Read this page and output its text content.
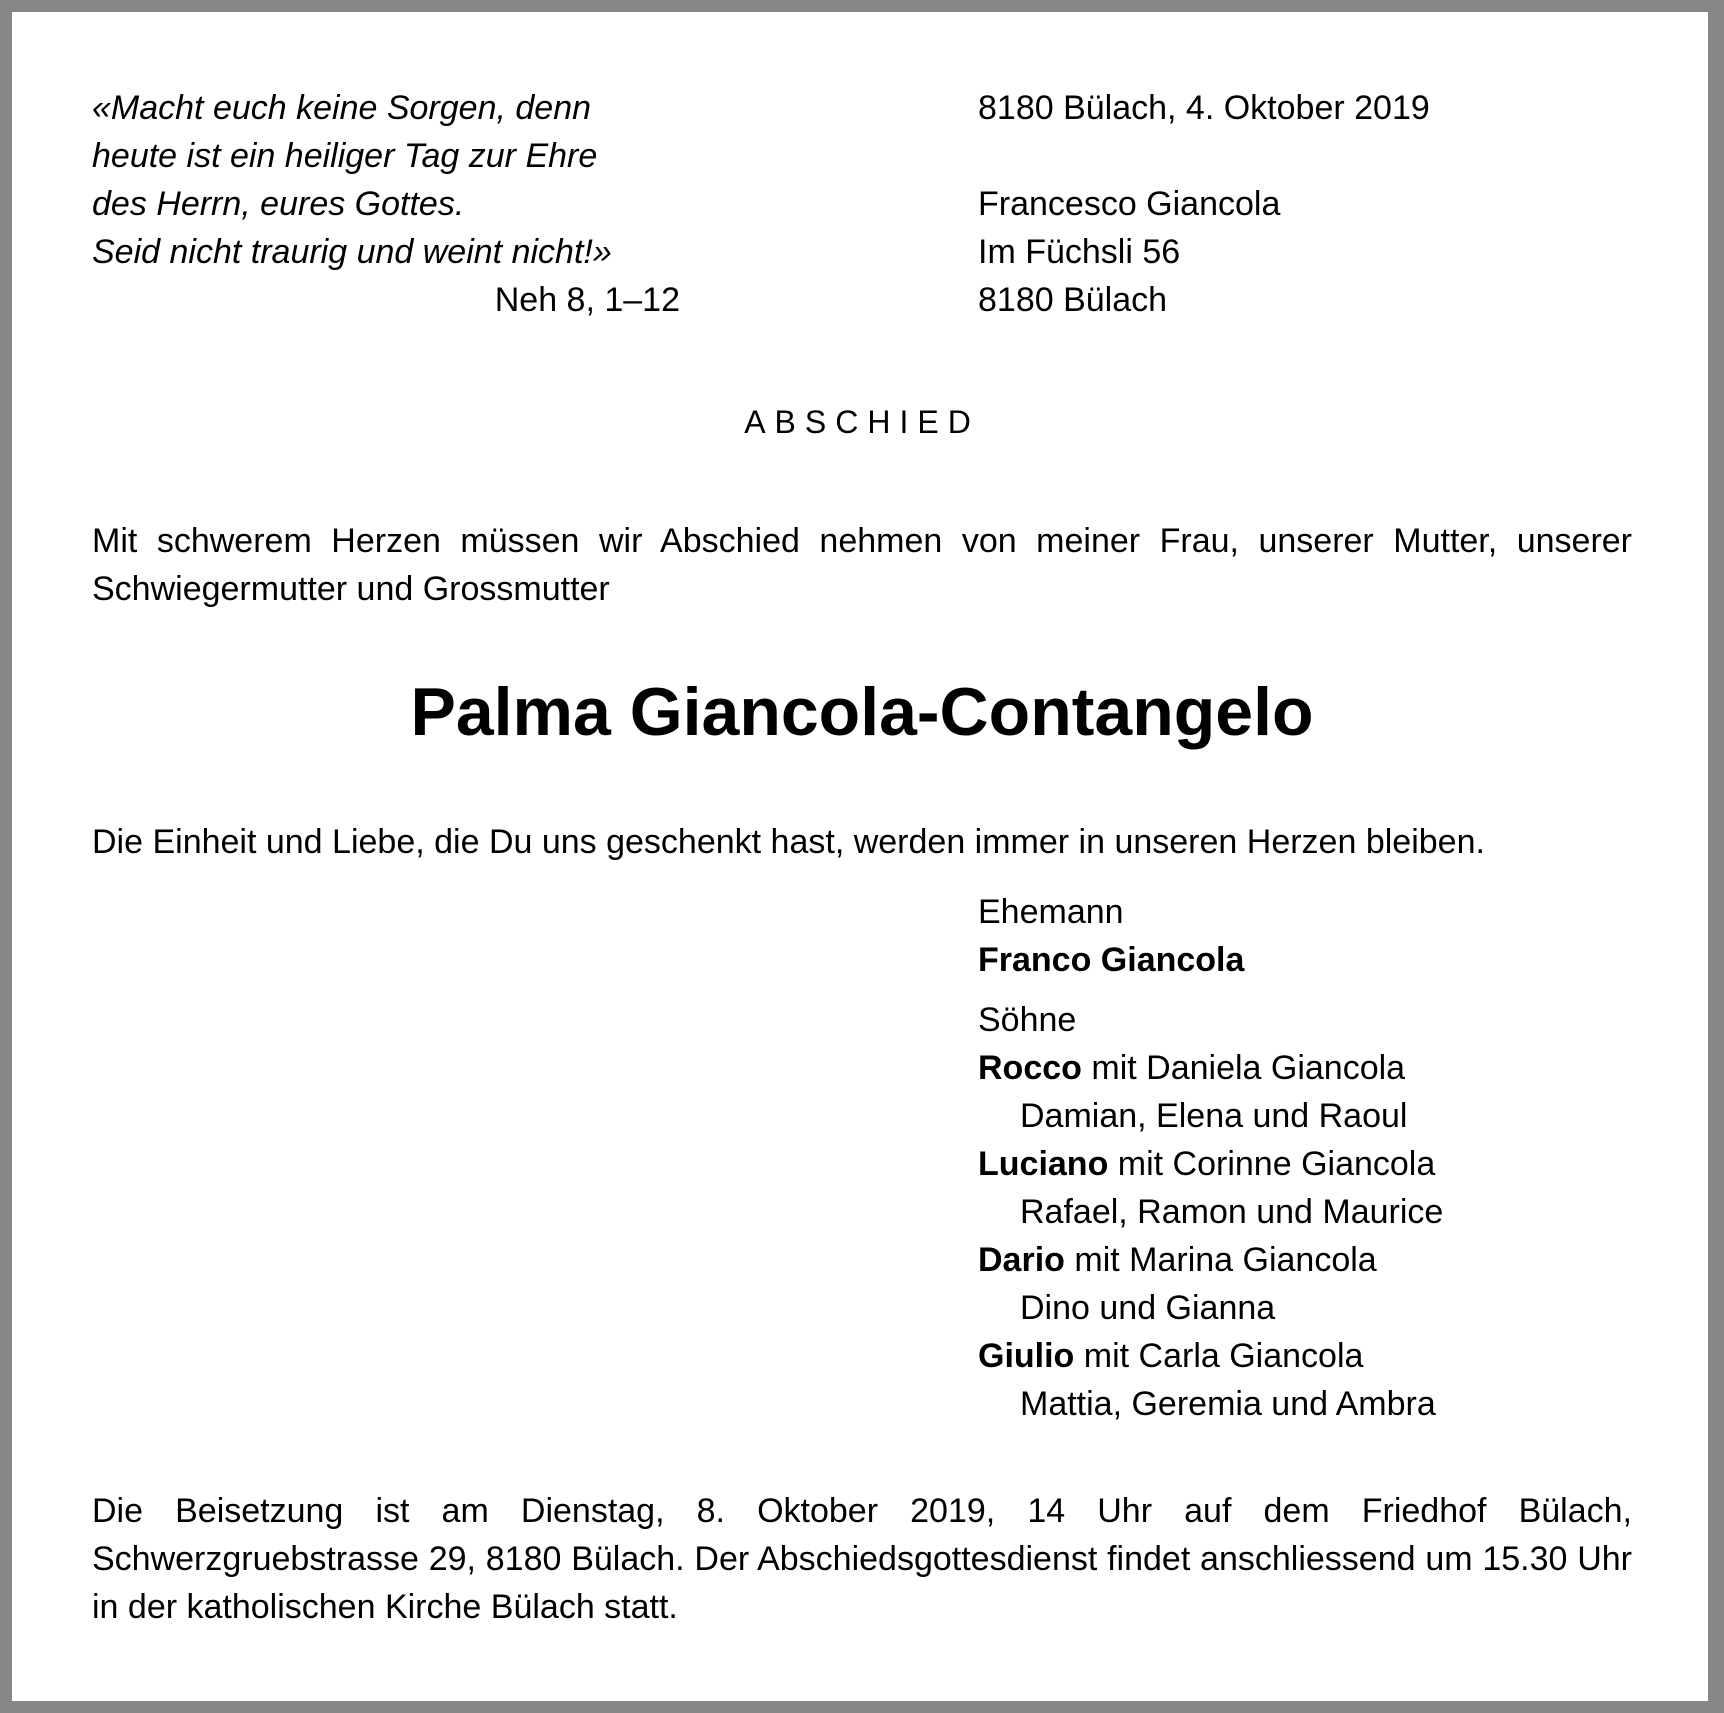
«Macht euch keine Sorgen, denn
heute ist ein heiliger Tag zur Ehre
des Herrn, eures Gottes.
Seid nicht traurig und weint nicht!»
Neh 8, 1–12
8180 Bülach, 4. Oktober 2019
Francesco Giancola
Im Füchsli 56
8180 Bülach
ABSCHIED
Mit schwerem Herzen müssen wir Abschied nehmen von meiner Frau, unserer Mutter, unserer Schwiegermutter und Grossmutter
Palma Giancola-Contangelo
Die Einheit und Liebe, die Du uns geschenkt hast, werden immer in unseren Herzen bleiben.
Ehemann
Franco Giancola
Söhne
Rocco mit Daniela Giancola
Damian, Elena und Raoul
Luciano mit Corinne Giancola
Rafael, Ramon und Maurice
Dario mit Marina Giancola
Dino und Gianna
Giulio mit Carla Giancola
Mattia, Geremia und Ambra
Die Beisetzung ist am Dienstag, 8. Oktober 2019, 14 Uhr auf dem Friedhof Bülach, Schwerzgruebstrasse 29, 8180 Bülach. Der Abschiedsgottesdienst findet anschliessend um 15.30 Uhr in der katholischen Kirche Bülach statt.
